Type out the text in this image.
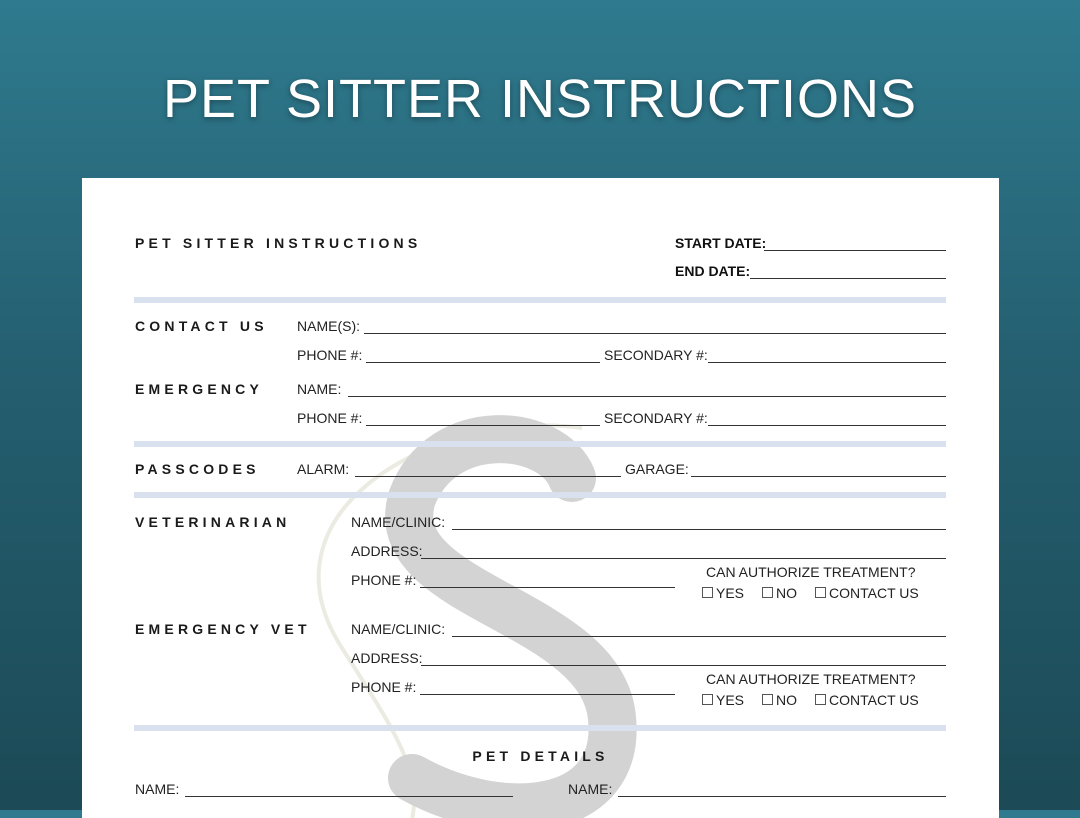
PET SITTER INSTRUCTIONS
PET SITTER INSTRUCTIONS	START DATE:
END DATE:
CONTACT US NAME(S):
PHONE #:	SECONDARY #:
EMERGENCY NAME:
PHONE #:	SECONDARY #:
PASSCODES	ALARM:	GARAGE:
VETERINARIAN	NAME/CLINIC:
ADDRESS:
PHONE #:	CAN AUTHORIZE TREATMENT?
YES NO CONTACT US
EMERGENCY VET	NAME/CLINIC:
ADDRESS:
PHONE #:	CAN AUTHORIZE TREATMENT?
YES NO CONTACT US
PET DETAILS
NAME:	NAME:
